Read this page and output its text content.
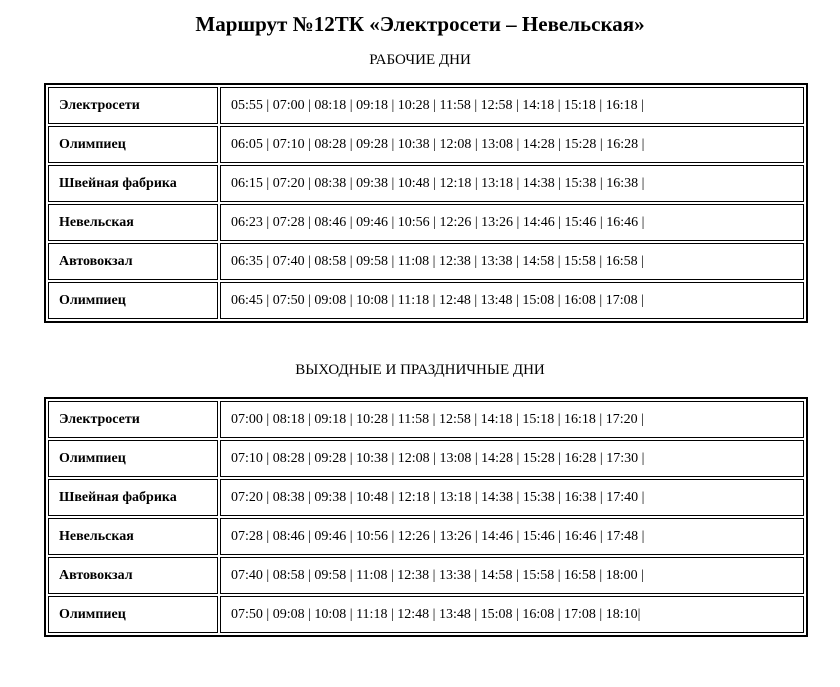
Маршрут №12ТК «Электросети – Невельская»
РАБОЧИЕ ДНИ
Электросети	05:55 | 07:00 | 08:18 | 09:18 | 10:28 | 11:58 | 12:58 | 14:18 | 15:18 | 16:18 |
Олимпиец	06:05 | 07:10 | 08:28 | 09:28 | 10:38 | 12:08 | 13:08 | 14:28 | 15:28 | 16:28 |
Швейная фабрика	06:15 | 07:20 | 08:38 | 09:38 | 10:48 | 12:18 | 13:18 | 14:38 | 15:38 | 16:38 |
Невельская	06:23 | 07:28 | 08:46 | 09:46 | 10:56 | 12:26 | 13:26 | 14:46 | 15:46 | 16:46 |
Автовокзал	06:35 | 07:40 | 08:58 | 09:58 | 11:08 | 12:38 | 13:38 | 14:58 | 15:58 | 16:58 |
Олимпиец	06:45 | 07:50 | 09:08 | 10:08 | 11:18 | 12:48 | 13:48 | 15:08 | 16:08 | 17:08 |
ВЫХОДНЫЕ И ПРАЗДНИЧНЫЕ ДНИ
Электросети	07:00 | 08:18 | 09:18 | 10:28 | 11:58 | 12:58 | 14:18 | 15:18 | 16:18 | 17:20 |
Олимпиец	07:10 | 08:28 | 09:28 | 10:38 | 12:08 | 13:08 | 14:28 | 15:28 | 16:28 | 17:30 |
Швейная фабрика	07:20 | 08:38 | 09:38 | 10:48 | 12:18 | 13:18 | 14:38 | 15:38 | 16:38 | 17:40 |
Невельская	07:28 | 08:46 | 09:46 | 10:56 | 12:26 | 13:26 | 14:46 | 15:46 | 16:46 | 17:48 |
Автовокзал	07:40 | 08:58 | 09:58 | 11:08 | 12:38 | 13:38 | 14:58 | 15:58 | 16:58 | 18:00 |
Олимпиец	07:50 | 09:08 | 10:08 | 11:18 | 12:48 | 13:48 | 15:08 | 16:08 | 17:08 | 18:10|
